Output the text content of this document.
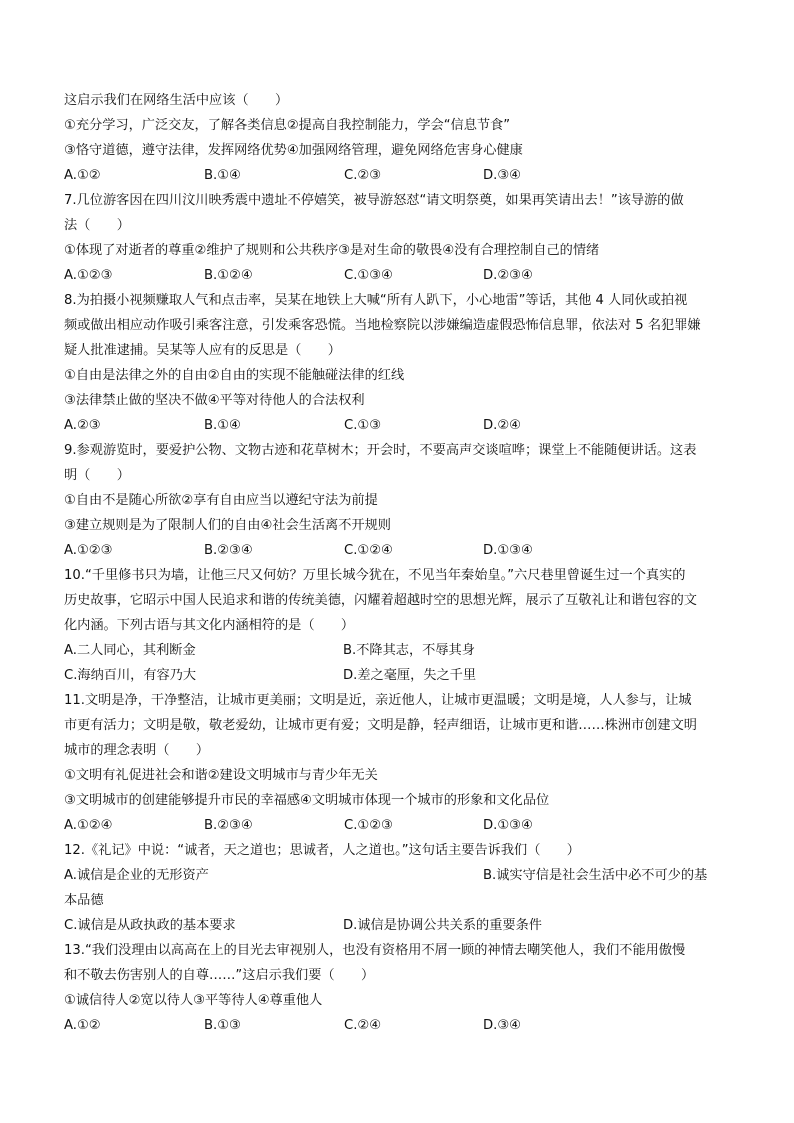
这启示我们在网络生活中应该（　　）
①充分学习，广泛交友，了解各类信息②提高自我控制能力，学会“信息节食”
③恪守道德，遵守法律，发挥网络优势④加强网络管理，避免网络危害身心健康
A.①②	B.①④	C.②③	D.③④
7.几位游客因在四川汶川映秀震中遗址不停嬉笑，被导游怒怼“请文明祭奠，如果再笑请出去！”该导游的做
法（　　）
①体现了对逝者的尊重②维护了规则和公共秩序③是对生命的敬畏④没有合理控制自己的情绪
A.①②③	B.①②④	C.①③④	D.②③④
8.为拍摄小视频赚取人气和点击率，吴某在地铁上大喊“所有人趴下，小心地雷”等话，其他 4 人同伙或拍视
频或做出相应动作吸引乘客注意，引发乘客恐慌。当地检察院以涉嫌编造虚假恐怖信息罪，依法对 5 名犯罪嫌
疑人批准逮捕。吴某等人应有的反思是（　　）
①自由是法律之外的自由②自由的实现不能触碰法律的红线
③法律禁止做的坚决不做④平等对待他人的合法权利
A.②③	B.①④	C.①③	D.②④
9.参观游览时，要爱护公物、文物古迹和花草树木；开会时，不要高声交谈喧哗；课堂上不能随便讲话。这表
明（　　）
①自由不是随心所欲②享有自由应当以遵纪守法为前提
③建立规则是为了限制人们的自由④社会生活离不开规则
A.①②③	B.②③④	C.①②④	D.①③④
10.“千里修书只为墙，让他三尺又何妨？万里长城今犹在，不见当年秦始皇。”六尺巷里曾诞生过一个真实的
历史故事，它昭示中国人民追求和谐的传统美德，闪耀着超越时空的思想光辉，展示了互敬礼让和谐包容的文
化内涵。下列古语与其文化内涵相符的是（　　）
A.二人同心，其利断金	B.不降其志，不辱其身
C.海纳百川，有容乃大	D.差之毫厘，失之千里
11.文明是净，干净整洁，让城市更美丽；文明是近，亲近他人，让城市更温暖；文明是境，人人参与，让城
市更有活力；文明是敬，敬老爱幼，让城市更有爱；文明是静，轻声细语，让城市更和谐……株洲市创建文明
城市的理念表明（　　）
①文明有礼促进社会和谐②建设文明城市与青少年无关
③文明城市的创建能够提升市民的幸福感④文明城市体现一个城市的形象和文化品位
A.①②④	B.②③④	C.①②③	D.①③④
12.《礼记》中说：“诚者，天之道也；思诚者，人之道也。”这句话主要告诉我们（　　）
A.诚信是企业的无形资产	B.诚实守信是社会生活中必不可少的基
本品德
C.诚信是从政执政的基本要求	D.诚信是协调公共关系的重要条件
13.“我们没理由以高高在上的目光去审视别人，也没有资格用不屑一顾的神情去嘲笑他人，我们不能用傲慢
和不敬去伤害别人的自尊……”这启示我们要（　　）
①诚信待人②宽以待人③平等待人④尊重他人
A.①②	B.①③	C.②④	D.③④
